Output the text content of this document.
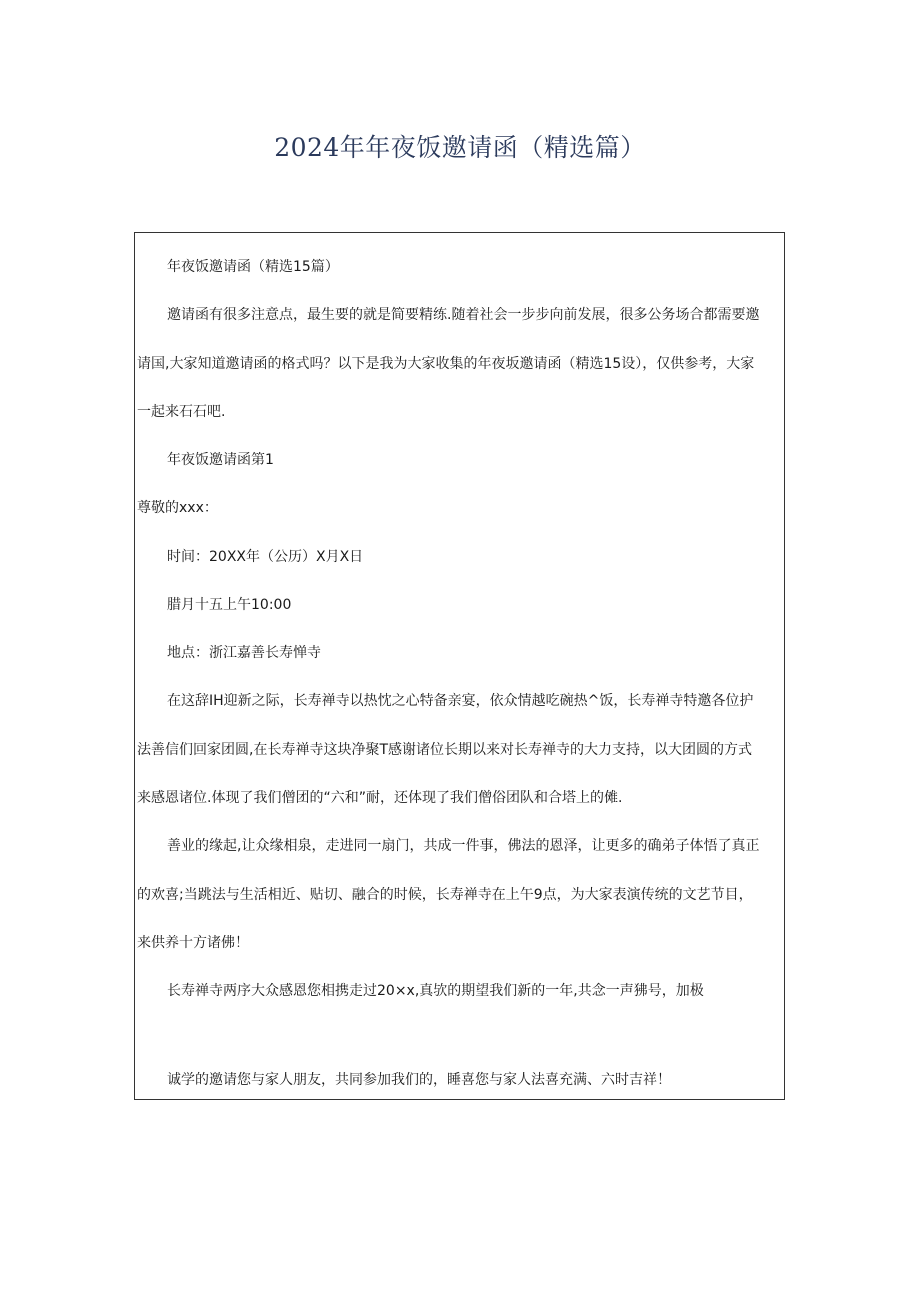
2024年年夜饭邀请函（精选篇）
年夜饭邀请函（精选15篇）
邀请函有很多注意点，最生要的就是简要精练.随着社会一步步向前发展，很多公务场合都需要邀
请国,大家知道邀请函的格式吗？以下是我为大家收集的年夜坂邀请函（精选15设），仅供参考，大家
一起来石石吧.
年夜饭邀请函第1
尊敬的xxx：
时间：20XX年（公历）X月X日
腊月十五上午10:00
地点：浙江嘉善长寿惮寺
在这辞IH迎新之际，长寿禅寺以热忱之心特备亲宴，依众情越吃碗热^饭，长寿禅寺特邀各位护
法善信们回家团圆,在长寿禅寺这块净聚T感谢诸位长期以来对长寿禅寺的大力支持，以大团圆的方式
来感恩诸位.体现了我们僧团的“六和”耐，还体现了我们僧俗团队和合塔上的傩.
善业的缘起,让众缘相泉，走进同一扇门，共成一件事，佛法的恩泽，让更多的确弟子体悟了真正
的欢喜;当跳法与生活相近、贴切、融合的时候，长寿禅寺在上午9点，为大家表演传统的文艺节目，
来供养十方诸佛！
长寿禅寺两序大众感恩您相携走过20×x,真欤的期望我们新的一年,共念一声狒号，加极
诚学的邀请您与家人朋友，共同参加我们的，睡喜您与家人法喜充满、六时吉祥！
